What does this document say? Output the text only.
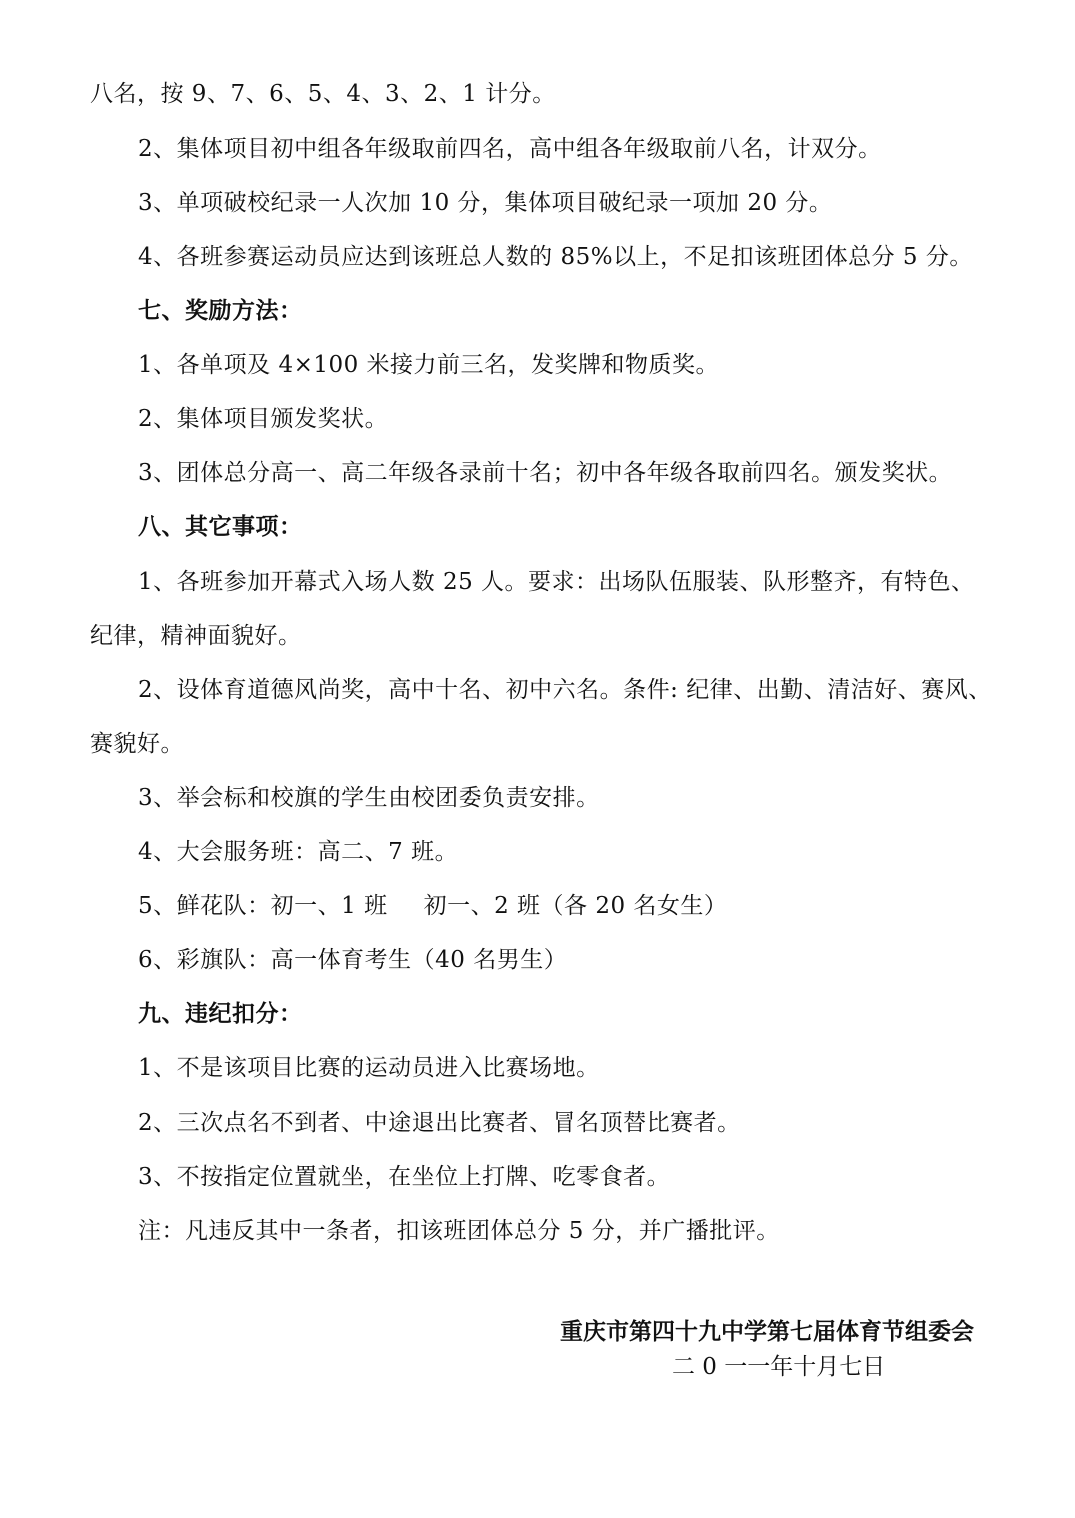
八名，按 9、7、6、5、4、3、2、1 计分。
2、集体项目初中组各年级取前四名，高中组各年级取前八名，计双分。
3、单项破校纪录一人次加 10 分，集体项目破纪录一项加 20 分。
4、各班参赛运动员应达到该班总人数的 85%以上，不足扣该班团体总分 5 分。
七、奖励方法：
1、各单项及 4×100 米接力前三名，发奖牌和物质奖。
2、集体项目颁发奖状。
3、团体总分高一、高二年级各录前十名；初中各年级各取前四名。颁发奖状。
八、其它事项：
1、各班参加开幕式入场人数 25 人。要求：出场队伍服装、队形整齐，有特色、
纪律，精神面貌好。
2、设体育道德风尚奖，高中十名、初中六名。条件: 纪律、出勤、清洁好、赛风、
赛貌好。
3、举会标和校旗的学生由校团委负责安排。
4、大会服务班：高二、7 班。
5、鲜花队：初一、1 班 初一、2 班（各 20 名女生）
6、彩旗队：高一体育考生（40 名男生）
九、违纪扣分：
1、不是该项目比赛的运动员进入比赛场地。
2、三次点名不到者、中途退出比赛者、冒名顶替比赛者。
3、不按指定位置就坐，在坐位上打牌、吃零食者。
注：凡违反其中一条者，扣该班团体总分 5 分，并广播批评。
重庆市第四十九中学第七届体育节组委会
二 0 一一年十月七日
